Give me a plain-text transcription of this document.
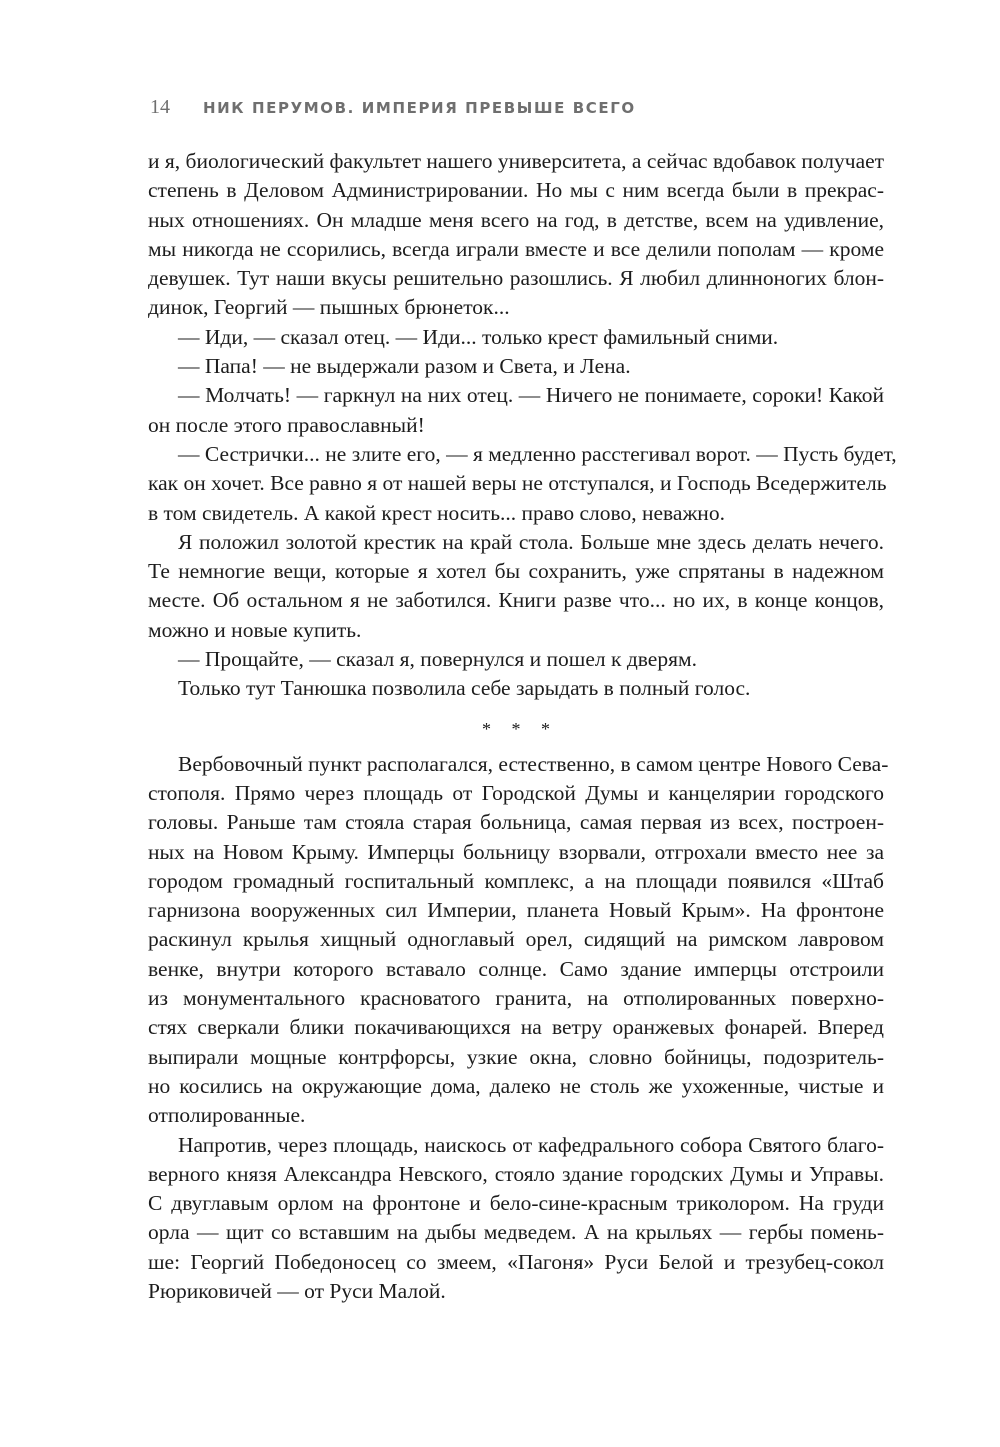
14	НИК ПЕРУМОВ. ИМПЕРИЯ ПРЕВЫШЕ ВСЕГО
и я, биологический факультет нашего университета, а сейчас вдобавок получает
степень в Деловом Администрировании. Но мы с ним всегда были в прекрас-
ных отношениях. Он младше меня всего на год, в детстве, всем на удивление,
мы никогда не ссорились, всегда играли вместе и все делили пополам — кроме
девушек. Тут наши вкусы решительно разошлись. Я любил длинноногих блон-
динок, Георгий — пышных брюнеток...
— Иди, — сказал отец. — Иди... только крест фамильный сними.
— Папа! — не выдержали разом и Света, и Лена.
— Молчать! — гаркнул на них отец. — Ничего не понимаете, сороки! Какой
он после этого православный!
— Сестрички... не злите его, — я медленно расстегивал ворот. — Пусть будет,
как он хочет. Все равно я от нашей веры не отступался, и Господь Вседержитель
в том свидетель. А какой крест носить... право слово, неважно.
Я положил золотой крестик на край стола. Больше мне здесь делать нечего.
Те немногие вещи, которые я хотел бы сохранить, уже спрятаны в надежном
месте. Об остальном я не заботился. Книги разве что... но их, в конце концов,
можно и новые купить.
— Прощайте, — сказал я, повернулся и пошел к дверям.
Только тут Танюшка позволила себе зарыдать в полный голос.
* * *
Вербовочный пункт располагался, естественно, в самом центре Нового Сева-
стополя. Прямо через площадь от Городской Думы и канцелярии городского
головы. Раньше там стояла старая больница, самая первая из всех, построен-
ных на Новом Крыму. Имперцы больницу взорвали, отгрохали вместо нее за
городом громадный госпитальный комплекс, а на площади появился «Штаб
гарнизона вооруженных сил Империи, планета Новый Крым». На фронтоне
раскинул крылья хищный одноглавый орел, сидящий на римском лавровом
венке, внутри которого вставало солнце. Само здание имперцы отстроили
из монументального красноватого гранита, на отполированных поверхно-
стях сверкали блики покачивающихся на ветру оранжевых фонарей. Вперед
выпирали мощные контрфорсы, узкие окна, словно бойницы, подозритель-
но косились на окружающие дома, далеко не столь же ухоженные, чистые и
отполированные.
Напротив, через площадь, наискось от кафедрального собора Святого благо-
верного князя Александра Невского, стояло здание городских Думы и Управы.
С двуглавым орлом на фронтоне и бело-сине-красным триколором. На груди
орла — щит со вставшим на дыбы медведем. А на крыльях — гербы помень-
ше: Георгий Победоносец со змеем, «Пагоня» Руси Белой и трезубец-сокол
Рюриковичей — от Руси Малой.
